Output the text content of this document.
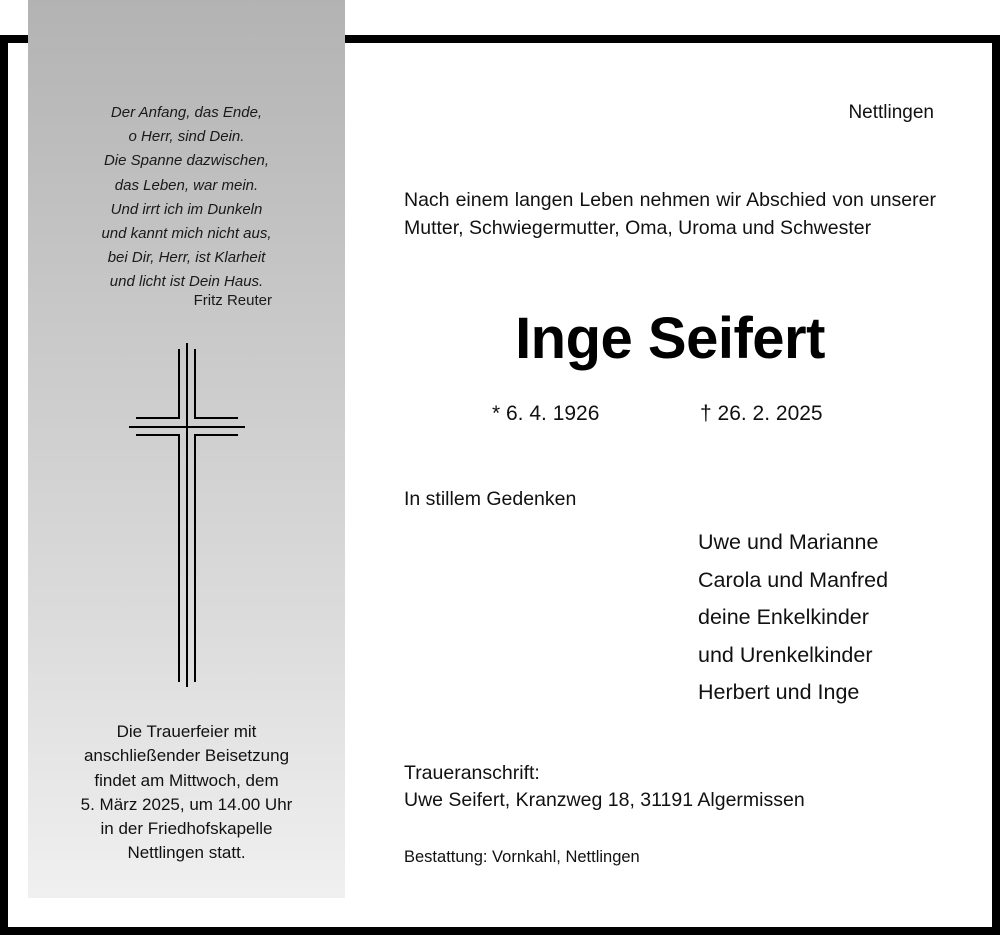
Der Anfang, das Ende,
o Herr, sind Dein.
Die Spanne dazwischen,
das Leben, war mein.
Und irrt ich im Dunkeln
und kannt mich nicht aus,
bei Dir, Herr, ist Klarheit
und licht ist Dein Haus.
Fritz Reuter
Die Trauerfeier mit
anschließender Beisetzung
findet am Mittwoch, dem
5. März 2025, um 14.00 Uhr
in der Friedhofskapelle
Nettlingen statt.
Nettlingen
Nach einem langen Leben nehmen wir Abschied von unserer Mutter, Schwiegermutter, Oma, Uroma und Schwester
Inge Seifert
* 6. 4. 1926	† 26. 2. 2025
In stillem Gedenken
Uwe und Marianne
Carola und Manfred
deine Enkelkinder
und Urenkelkinder
Herbert und Inge
Traueranschrift:
Uwe Seifert, Kranzweg 18, 31191 Algermissen
Bestattung: Vornkahl, Nettlingen
